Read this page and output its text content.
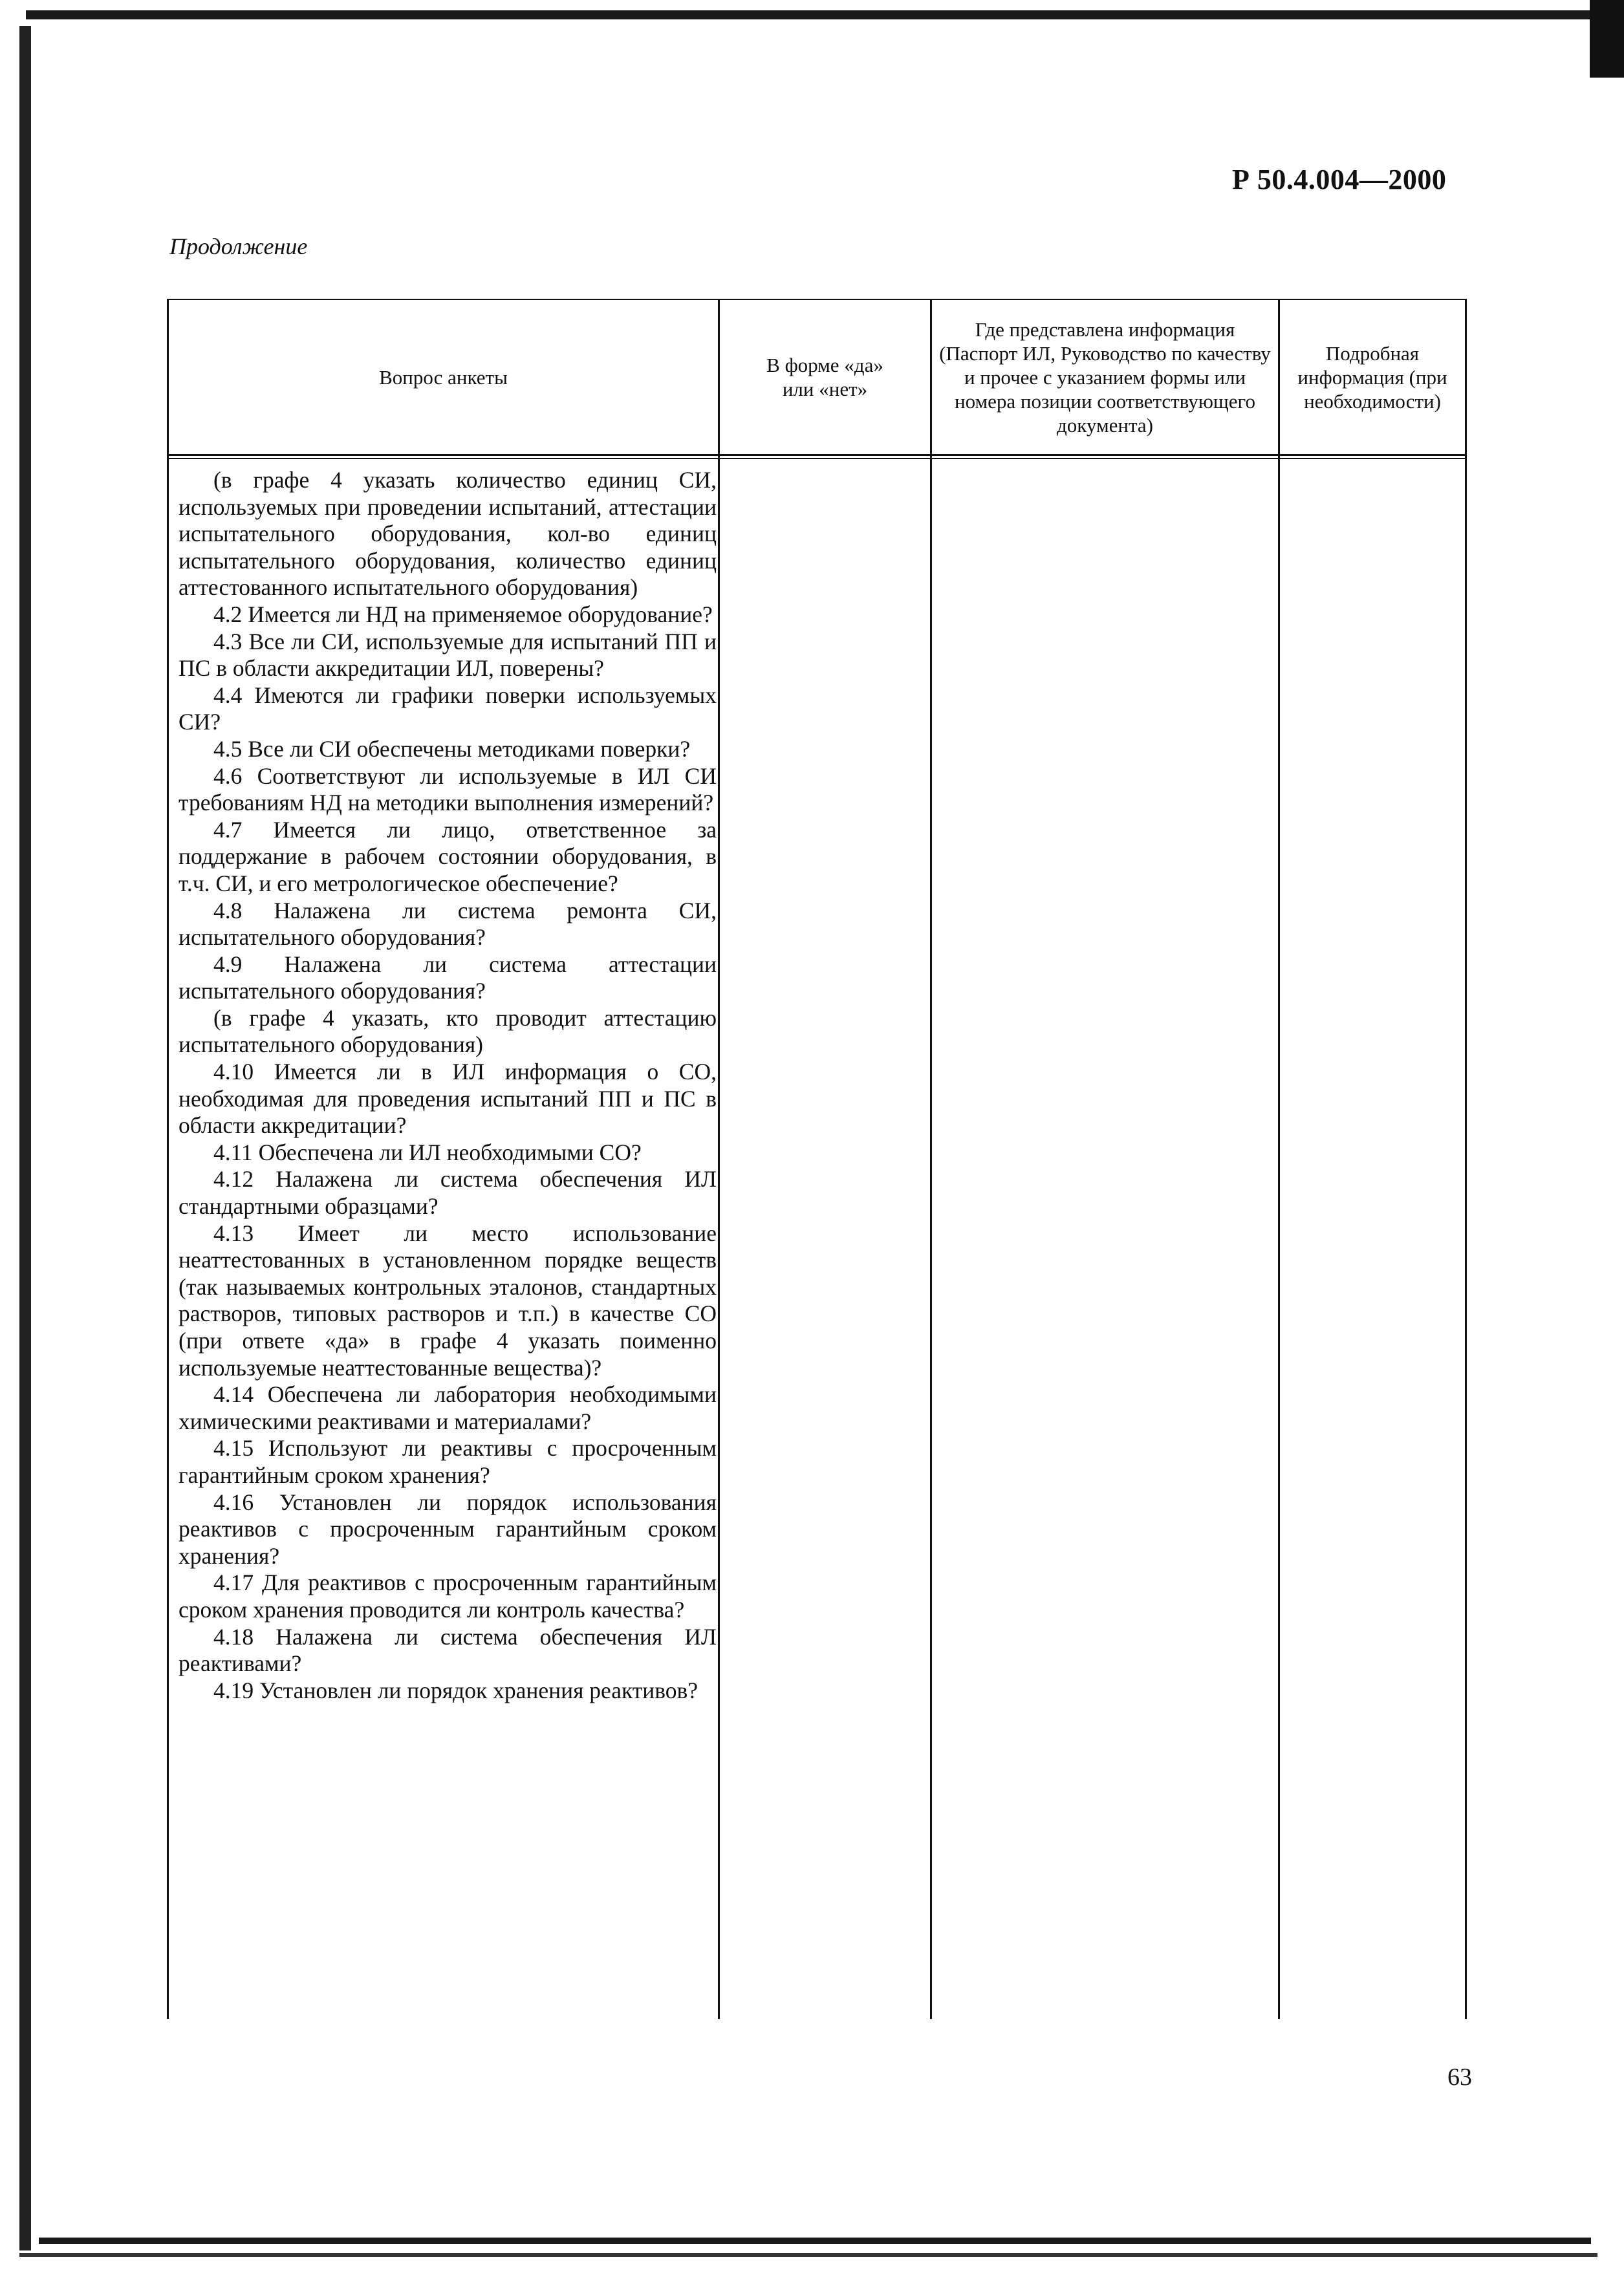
Р 50.4.004—2000
Продолжение
Вопрос анкеты
В форме «да» или «нет»
Где представлена информация (Паспорт ИЛ, Руководство по качеству и прочее с указанием формы или номера позиции соответствующего документа)
Подробная информация (при необходимости)

(в графе 4 указать количество единиц СИ, используемых при проведении испытаний, аттестации испытательного оборудования, кол-во единиц испытательного оборудования, количество единиц аттестованного испытательного оборудования)

4.2 Имеется ли НД на применяемое оборудование?

4.3 Все ли СИ, используемые для испытаний ПП и ПС в области аккредитации ИЛ, поверены?

4.4 Имеются ли графики поверки используемых СИ?

4.5 Все ли СИ обеспечены методиками поверки?

4.6 Соответствуют ли используемые в ИЛ СИ требованиям НД на методики выполнения измерений?

4.7 Имеется ли лицо, ответственное за поддержание в рабочем состоянии оборудования, в т.ч. СИ, и его метрологическое обеспечение?

4.8 Налажена ли система ремонта СИ, испытательного оборудования?

4.9 Налажена ли система аттестации испытательного оборудования?

(в графе 4 указать, кто проводит аттестацию испытательного оборудования)

4.10 Имеется ли в ИЛ информация о СО, необходимая для проведения испытаний ПП и ПС в области аккредитации?

4.11 Обеспечена ли ИЛ необходимыми СО?

4.12 Налажена ли система обеспечения ИЛ стандартными образцами?

4.13 Имеет ли место использование неаттестованных в установленном порядке веществ (так называемых контрольных эталонов, стандартных растворов, типовых растворов и т.п.) в качестве СО (при ответе «да» в графе 4 указать поименно используемые неаттестованные вещества)?

4.14 Обеспечена ли лаборатория необходимыми химическими реактивами и материалами?

4.15 Используют ли реактивы с просроченным гарантийным сроком хранения?

4.16 Установлен ли порядок использования реактивов с просроченным гарантийным сроком хранения?

4.17 Для реактивов с просроченным гарантийным сроком хранения проводится ли контроль качества?

4.18 Налажена ли система обеспечения ИЛ реактивами?

4.19 Установлен ли порядок хранения реактивов?

63
